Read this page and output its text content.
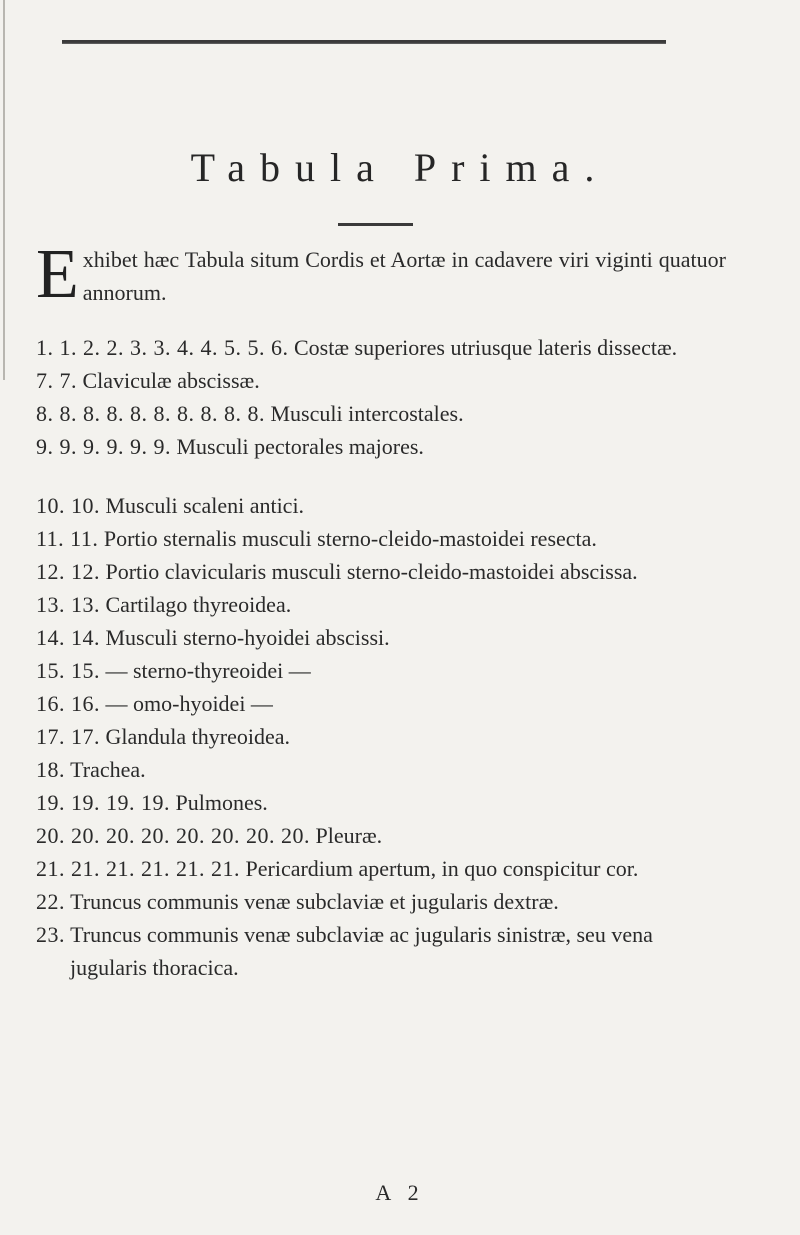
Tabula Prima.

Exhibet hæc Tabula situm Cordis et Aortæ in cadavere viri viginti quatuor annorum.

1. 1. 2. 2. 3. 3. 4. 4. 5. 5. 6. Costæ superiores utriusque lateris dissectæ.

7. 7. Claviculæ abscissæ.

8. 8. 8. 8. 8. 8. 8. 8. 8. 8. Musculi intercostales.

9. 9. 9. 9. 9. 9. Musculi pectorales majores.

10. 10. Musculi scaleni antici.

11. 11. Portio sternalis musculi sterno-cleido-mastoidei resecta.

12. 12. Portio clavicularis musculi sterno-cleido-mastoidei abscissa.

13. 13. Cartilago thyreoidea.

14. 14. Musculi sterno-hyoidei abscissi.

15. 15. — sterno-thyreoidei —

16. 16. — omo-hyoidei —

17. 17. Glandula thyreoidea.

18. Trachea.

19. 19. 19. 19. Pulmones.

20. 20. 20. 20. 20. 20. 20. 20. Pleuræ.

21. 21. 21. 21. 21. 21. Pericardium apertum, in quo conspicitur cor.

22. Truncus communis venæ subclaviæ et jugularis dextræ.

23. Truncus communis venæ subclaviæ ac jugularis sinistræ, seu vena jugularis thoracica.

A 2
